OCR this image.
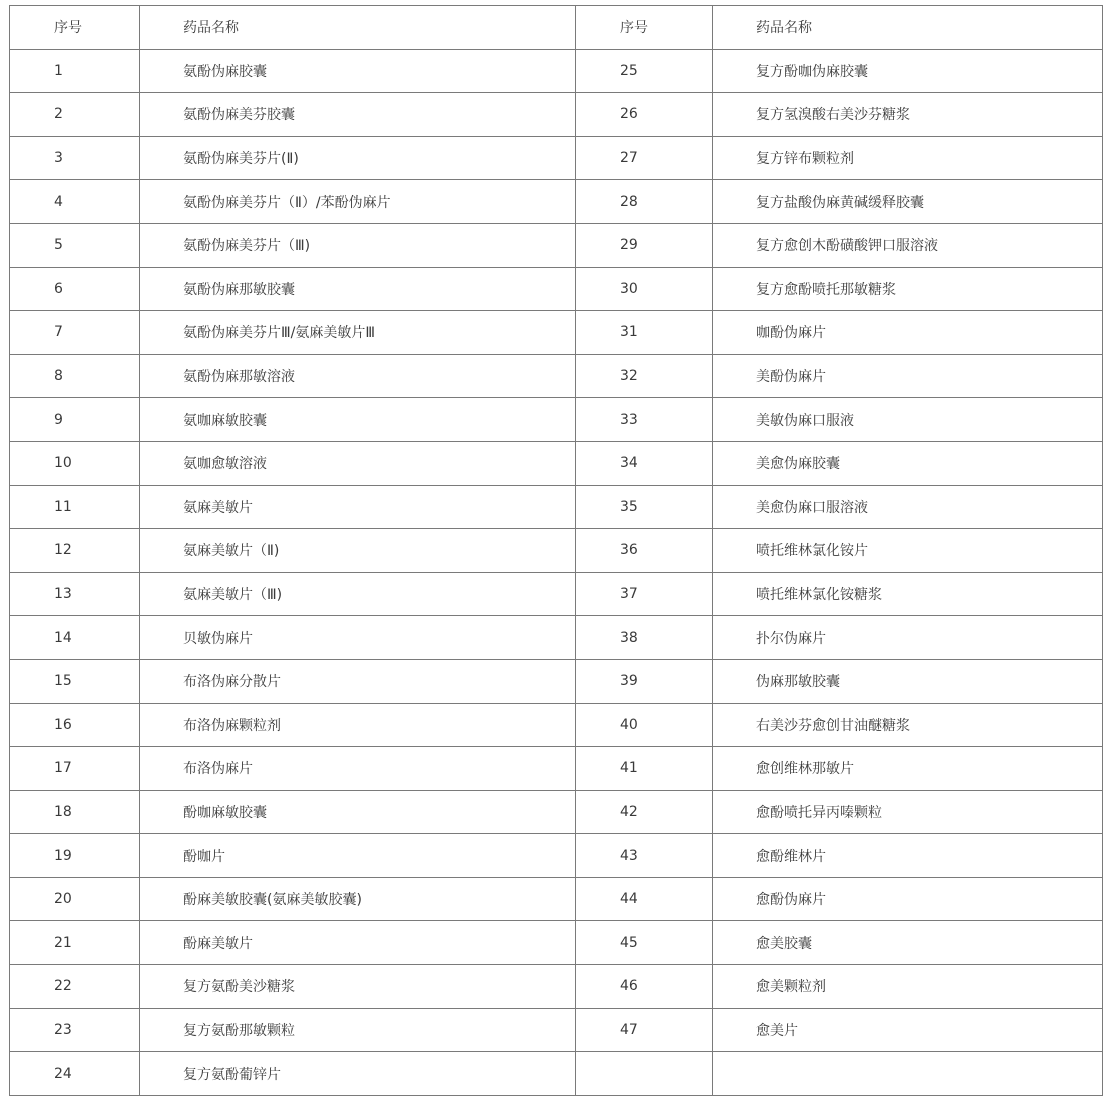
序号	药品名称	序号	药品名称
1	氨酚伪麻胶囊	25	复方酚咖伪麻胶囊
2	氨酚伪麻美芬胶囊	26	复方氢溴酸右美沙芬糖浆
3	氨酚伪麻美芬片(Ⅱ)	27	复方锌布颗粒剂
4	氨酚伪麻美芬片（Ⅱ）/苯酚伪麻片	28	复方盐酸伪麻黄碱缓释胶囊
5	氨酚伪麻美芬片（Ⅲ)	29	复方愈创木酚磺酸钾口服溶液
6	氨酚伪麻那敏胶囊	30	复方愈酚喷托那敏糖浆
7	氨酚伪麻美芬片Ⅲ/氨麻美敏片Ⅲ	31	咖酚伪麻片
8	氨酚伪麻那敏溶液	32	美酚伪麻片
9	氨咖麻敏胶囊	33	美敏伪麻口服液
10	氨咖愈敏溶液	34	美愈伪麻胶囊
11	氨麻美敏片	35	美愈伪麻口服溶液
12	氨麻美敏片（Ⅱ)	36	喷托维林氯化铵片
13	氨麻美敏片（Ⅲ)	37	喷托维林氯化铵糖浆
14	贝敏伪麻片	38	扑尔伪麻片
15	布洛伪麻分散片	39	伪麻那敏胶囊
16	布洛伪麻颗粒剂	40	右美沙芬愈创甘油醚糖浆
17	布洛伪麻片	41	愈创维林那敏片
18	酚咖麻敏胶囊	42	愈酚喷托异丙嗪颗粒
19	酚咖片	43	愈酚维林片
20	酚麻美敏胶囊(氨麻美敏胶囊)	44	愈酚伪麻片
21	酚麻美敏片	45	愈美胶囊
22	复方氨酚美沙糖浆	46	愈美颗粒剂
23	复方氨酚那敏颗粒	47	愈美片
24	复方氨酚葡锌片		
